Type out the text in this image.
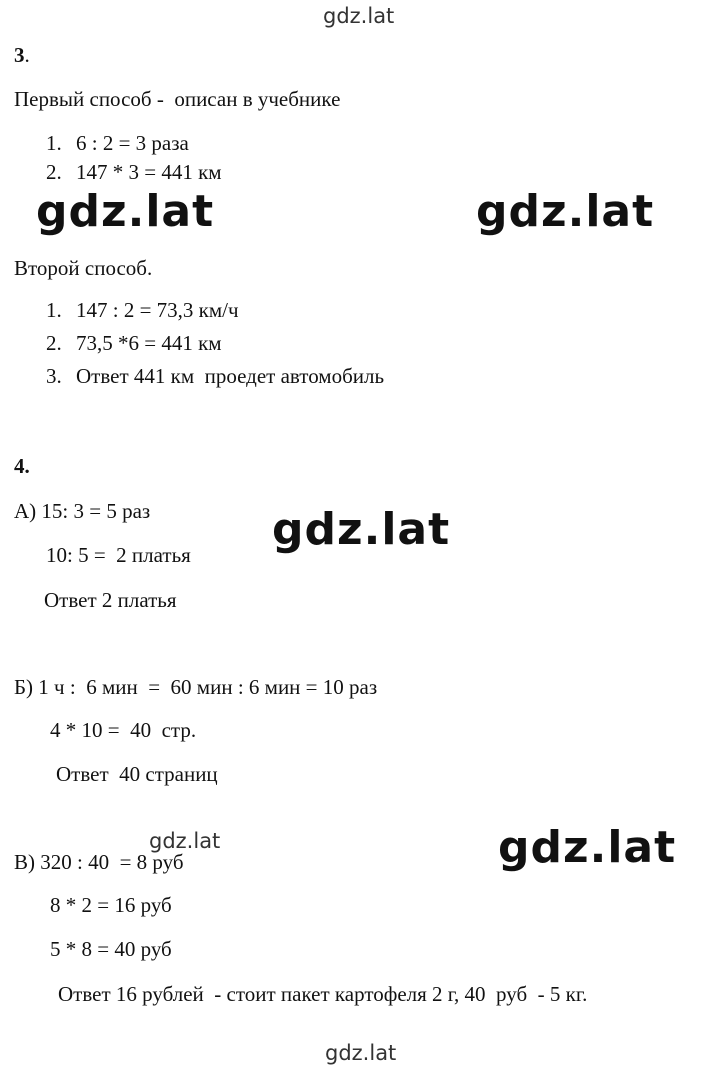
gdz.lat
gdz.lat	gdz.lat
gdz.lat
gdz.lat	gdz.lat
gdz.lat
3.
Первый способ -  описан в учебнике
1. 6 : 2 = 3 раза
2. 147 * 3 = 441 км
Второй способ.
1. 147 : 2 = 73,3 км/ч
2. 73,5 *6 = 441 км
3. Ответ 441 км  проедет автомобиль
4.
А) 15: 3 = 5 раз
10: 5 =  2 платья
Ответ 2 платья
Б) 1 ч :  6 мин  =  60 мин : 6 мин = 10 раз
4 * 10 =  40  стр.
Ответ  40 страниц
В) 320 : 40  = 8 руб
8 * 2 = 16 руб
5 * 8 = 40 руб
Ответ 16 рублей  - стоит пакет картофеля 2 г, 40  руб  - 5 кг.
